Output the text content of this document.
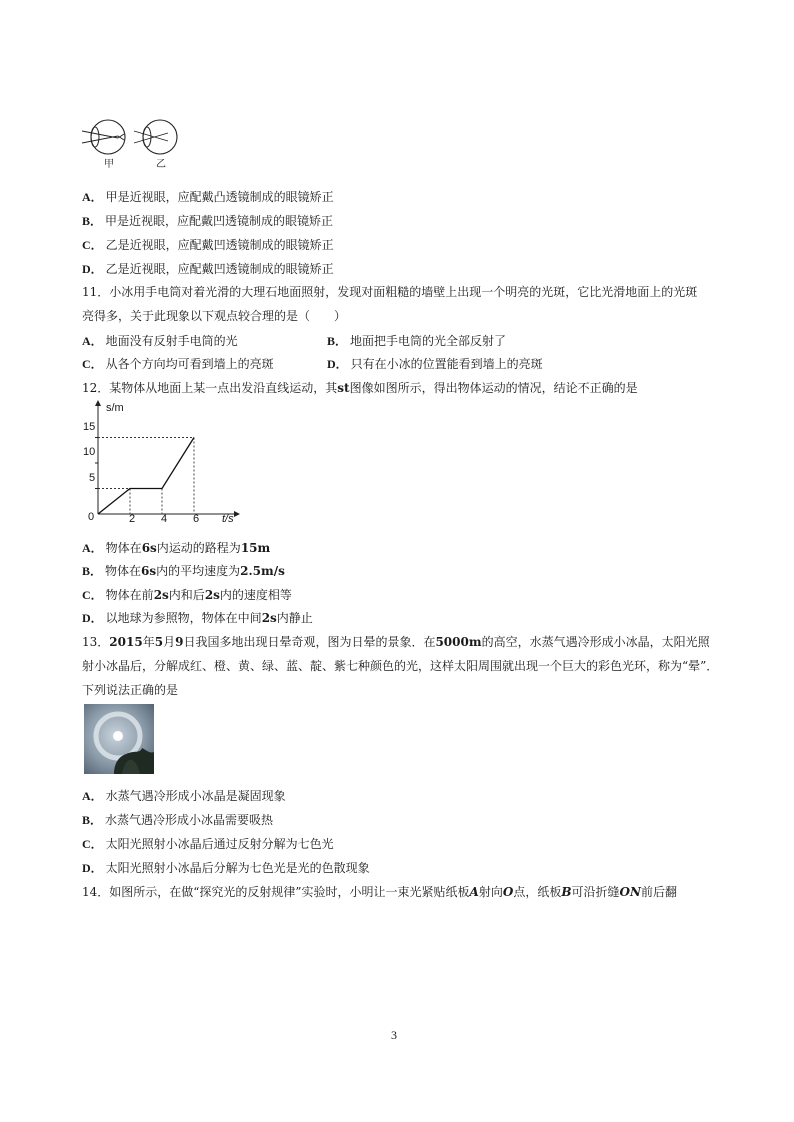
甲	乙
A． 甲是近视眼，应配戴凸透镜制成的眼镜矫正
B． 甲是近视眼，应配戴凹透镜制成的眼镜矫正
C． 乙是近视眼，应配戴凹透镜制成的眼镜矫正
D． 乙是近视眼，应配戴凹透镜制成的眼镜矫正
11．小冰用手电筒对着光滑的大理石地面照射，发现对面粗糙的墙壁上出现一个明亮的光斑，它比光滑地面上的光斑
亮得多，关于此现象以下观点较合理的是（　　）
A． 地面没有反射手电筒的光	B． 地面把手电筒的光全部反射了
C． 从各个方向均可看到墙上的亮斑	D． 只有在小冰的位置能看到墙上的亮斑
12．某物体从地面上某一点出发沿直线运动，其st图像如图所示，得出物体运动的情况，结论不正确的是
s/m
t/s
0
5
10
15
2 4 6
A． 物体在6s内运动的路程为15m
B． 物体在6s内的平均速度为2.5m/s
C． 物体在前2s内和后2s内的速度相等
D． 以地球为参照物，物体在中间2s内静止
13．2015年5月9日我国多地出现日晕奇观，图为日晕的景象．在5000m的高空，水蒸气遇冷形成小冰晶，太阳光照
射小冰晶后，分解成红、橙、黄、绿、蓝、靛、紫七种颜色的光，这样太阳周围就出现一个巨大的彩色光环，称为“晕”．
下列说法正确的是
A． 水蒸气遇冷形成小冰晶是凝固现象
B． 水蒸气遇冷形成小冰晶需要吸热
C． 太阳光照射小冰晶后通过反射分解为七色光
D． 太阳光照射小冰晶后分解为七色光是光的色散现象
14．如图所示，在做“探究光的反射规律”实验时，小明让一束光紧贴纸板A射向O点，纸板B可沿折缝ON前后翻
3
